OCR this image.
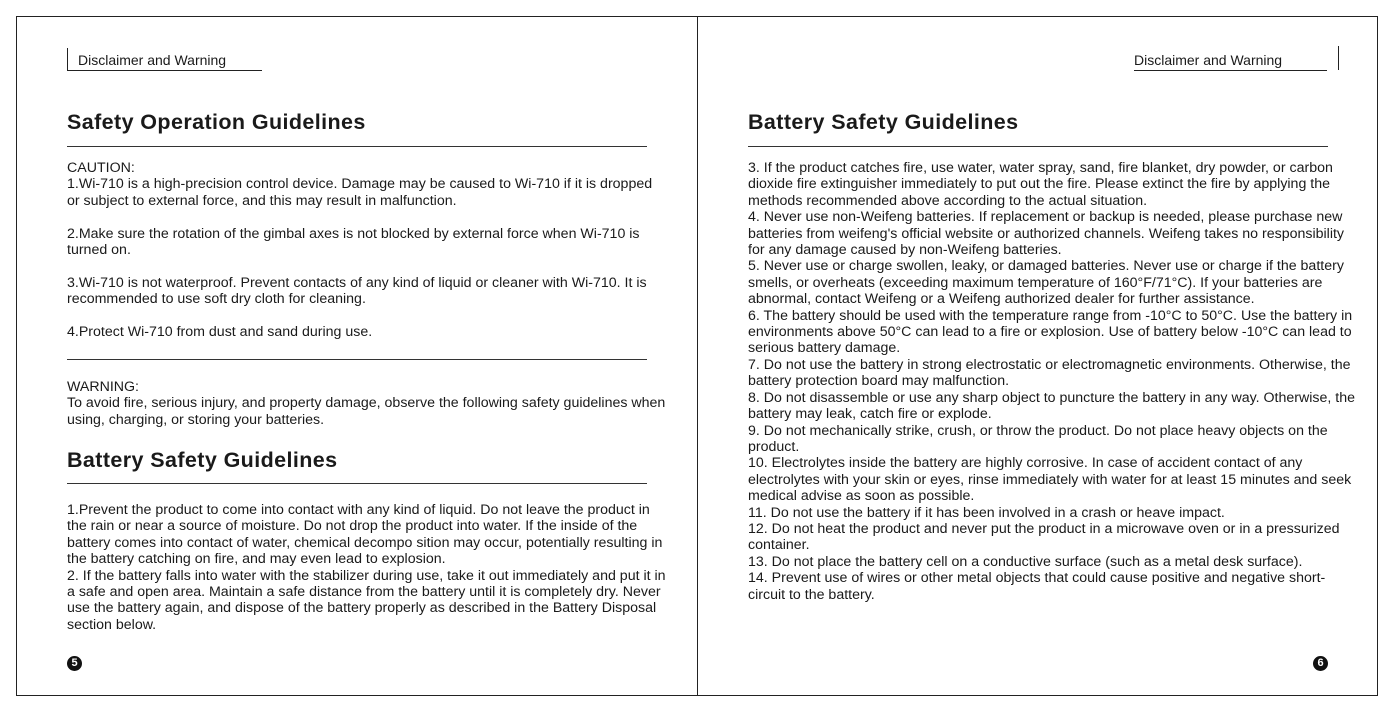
Disclaimer and Warning
Safety Operation Guidelines

CAUTION:

1.Wi-710 is a high-precision control device. Damage may be caused to Wi-710 if it is dropped or subject to external force, and this may result in malfunction.

2.Make sure the rotation of the gimbal axes is not blocked by external force when Wi-710 is turned on.

3.Wi-710 is not waterproof. Prevent contacts of any kind of liquid or cleaner with Wi-710. It is recommended to use soft dry cloth for cleaning.

4.Protect Wi-710 from dust and sand during use.

WARNING:

To avoid fire, serious injury, and property damage, observe the following safety guidelines when using, charging, or storing your batteries.

Battery Safety Guidelines

1.Prevent the product to come into contact with any kind of liquid. Do not leave the product in the rain or near a source of moisture. Do not drop the product into water. If the inside of the battery comes into contact of water, chemical decompo sition may occur, potentially resulting in the battery catching on fire, and may even lead to explosion.

2. If the battery falls into water with the stabilizer during use, take it out immediately and put it in a safe and open area. Maintain a safe distance from the battery until it is completely dry. Never use the battery again, and dispose of the battery properly as described in the Battery Disposal section below.

5
Disclaimer and Warning
Battery Safety Guidelines

3. If the product catches fire, use water, water spray, sand, fire blanket, dry powder, or carbon dioxide fire extinguisher immediately to put out the fire. Please extinct the fire by applying the methods recommended above according to the actual situation.

4. Never use non-Weifeng batteries. If replacement or backup is needed, please purchase new batteries from weifeng's official website or authorized channels. Weifeng takes no responsibility for any damage caused by non-Weifeng batteries.

5. Never use or charge swollen, leaky, or damaged batteries. Never use or charge if the battery smells, or overheats (exceeding maximum temperature of 160°F/71°C). If your batteries are abnormal, contact Weifeng or a Weifeng authorized dealer for further assistance.

6. The battery should be used with the temperature range from -10°C to 50°C. Use the battery in environments above 50°C can lead to a fire or explosion. Use of battery below -10°C can lead to serious battery damage.

7. Do not use the battery in strong electrostatic or electromagnetic environments. Otherwise, the battery protection board may malfunction.

8. Do not disassemble or use any sharp object to puncture the battery in any way. Otherwise, the battery may leak, catch fire or explode.

9. Do not mechanically strike, crush, or throw the product. Do not place heavy objects on the product.

10. Electrolytes inside the battery are highly corrosive. In case of accident contact of any electrolytes with your skin or eyes, rinse immediately with water for at least 15 minutes and seek medical advise as soon as possible.

11. Do not use the battery if it has been involved in a crash or heave impact.

12. Do not heat the product and never put the product in a microwave oven or in a pressurized container.

13. Do not place the battery cell on a conductive surface (such as a metal desk surface).

14. Prevent use of wires or other metal objects that could cause positive and negative short-circuit to the battery.

6
